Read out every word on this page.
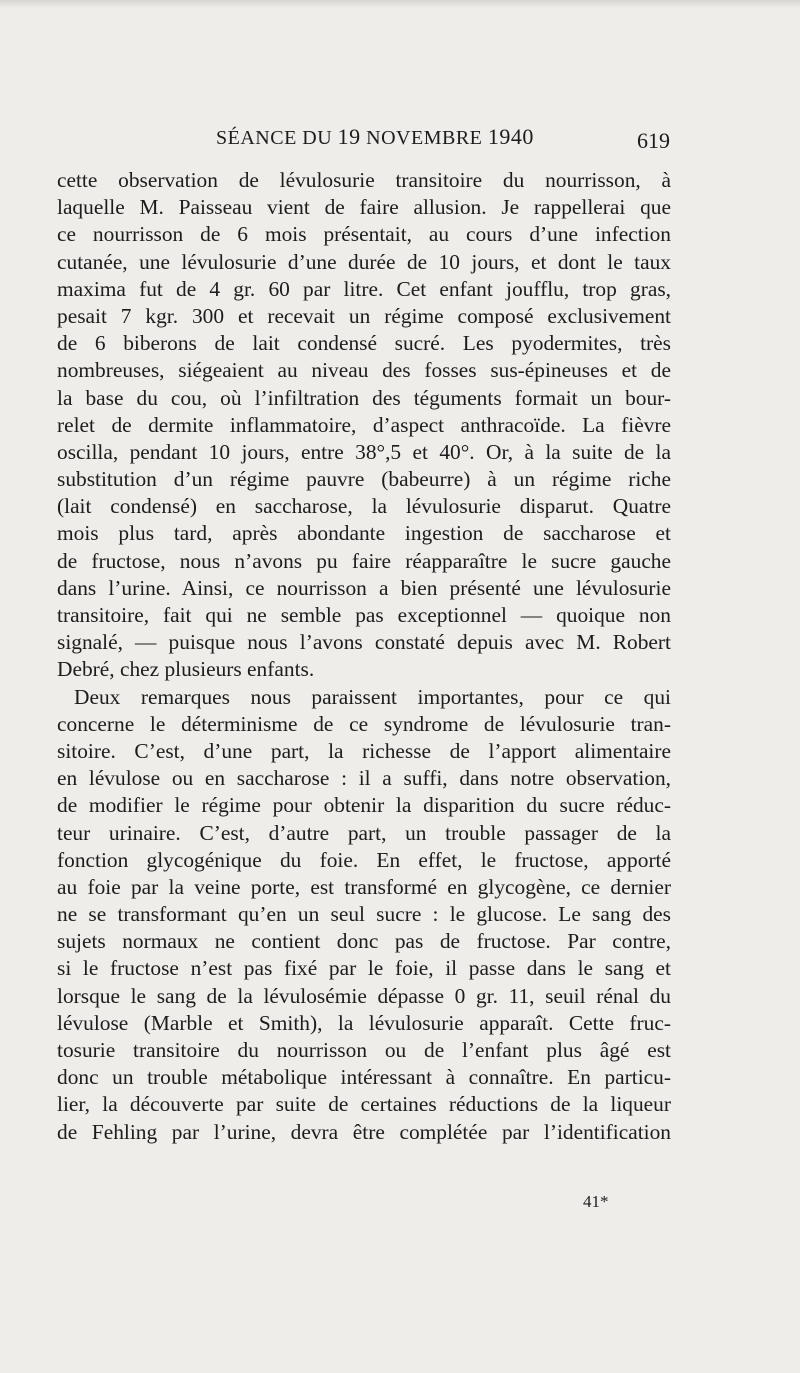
SÉANCE DU 19 NOVEMBRE 1940	619
cette observation de lévulosurie transitoire du nourrisson, à
laquelle M. Paisseau vient de faire allusion. Je rappellerai que
ce nourrisson de 6 mois présentait, au cours d’une infection
cutanée, une lévulosurie d’une durée de 10 jours, et dont le taux
maxima fut de 4 gr. 60 par litre. Cet enfant joufflu, trop gras,
pesait 7 kgr. 300 et recevait un régime composé exclusivement
de 6 biberons de lait condensé sucré. Les pyodermites, très
nombreuses, siégeaient au niveau des fosses sus-épineuses et de
la base du cou, où l’infiltration des téguments formait un bour-
relet de dermite inflammatoire, d’aspect anthracoïde. La fièvre
oscilla, pendant 10 jours, entre 38°,5 et 40°. Or, à la suite de la
substitution d’un régime pauvre (babeurre) à un régime riche
(lait condensé) en saccharose, la lévulosurie disparut. Quatre
mois plus tard, après abondante ingestion de saccharose et
de fructose, nous n’avons pu faire réapparaître le sucre gauche
dans l’urine. Ainsi, ce nourrisson a bien présenté une lévulosurie
transitoire, fait qui ne semble pas exceptionnel — quoique non
signalé, — puisque nous l’avons constaté depuis avec M. Robert
Debré, chez plusieurs enfants.
Deux remarques nous paraissent importantes, pour ce qui
concerne le déterminisme de ce syndrome de lévulosurie tran-
sitoire. C’est, d’une part, la richesse de l’apport alimentaire
en lévulose ou en saccharose : il a suffi, dans notre observation,
de modifier le régime pour obtenir la disparition du sucre réduc-
teur urinaire. C’est, d’autre part, un trouble passager de la
fonction glycogénique du foie. En effet, le fructose, apporté
au foie par la veine porte, est transformé en glycogène, ce dernier
ne se transformant qu’en un seul sucre : le glucose. Le sang des
sujets normaux ne contient donc pas de fructose. Par contre,
si le fructose n’est pas fixé par le foie, il passe dans le sang et
lorsque le sang de la lévulosémie dépasse 0 gr. 11, seuil rénal du
lévulose (Marble et Smith), la lévulosurie apparaît. Cette fruc-
tosurie transitoire du nourrisson ou de l’enfant plus âgé est
donc un trouble métabolique intéressant à connaître. En particu-
lier, la découverte par suite de certaines réductions de la liqueur
de Fehling par l’urine, devra être complétée par l’identification
41*
